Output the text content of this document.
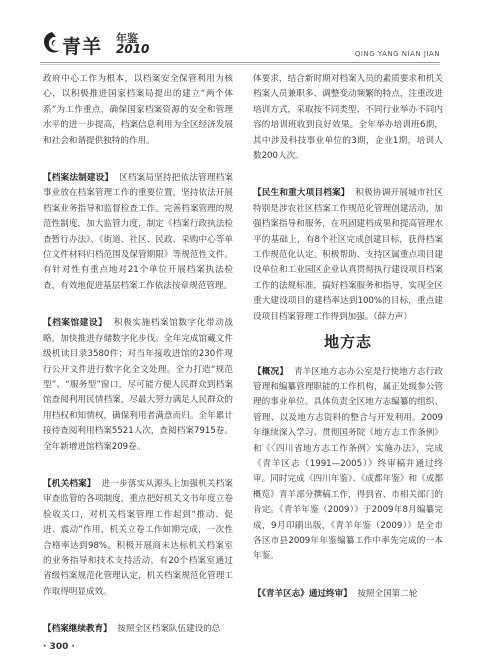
青羊 年鉴
2010	QING YANG NIAN JIAN

政府中心工作为根本，以档案安全保管利用为核心，以积极推进国家档案局提出的建立“两个体系”为工作重点，确保国家档案资源的安全和管理水平的进一步提高，档案信息利用为全区经济发展和社会和谐提供独特的作用。

【档案法制建设】 区档案局坚持把依法管理档案事业放在档案管理工作的重要位置，坚持依法开展档案业务指导和监督检查工作。完善档案管理的规范性制度，加大监管力度，制定《档案行政执法检查暂行办法》、《街道、社区、民政、采购中心等单位文件材料归档范围及保管期限》等规范性文件。有针对性有重点地对21个单位开展档案执法检查，有效地促进基层档案工作依法按章规范管理。

【档案馆建设】 积极实施档案馆数字化带动战略，加快推进存储数字化步伐。全年完成馆藏文件级机读目录3580件；对当年接收进馆的230件现行公开文件进行数字化全文处理。全力打造“规范型”、“服务型”窗口，尽可能方便人民群众到档案馆查阅利用民情档案，尽最大努力满足人民群众的用档权和知情权，确保利用者满意而归。全年累计接待查阅利用档案5521人次，查阅档案7915卷。全年新增进馆档案209卷。

【机关档案】 进一步落实从源头上加强机关档案审查监管的各项制度，重点把好机关文书年度立卷验收关口，对机关档案管理工作起到“推动、促进、震动”作用，机关立卷工作如期完成，一次性合格率达到98%。积极开展商未达标机关档案室的业务指导和技术支持活动，有20个档案室通过省级档案规范化管理认定，机关档案规范化管理工作取得明显成效。

【档案继续教育】 按照全区档案队伍建设的总

体要求，结合新时期对档案人员的素质要求和机关档案人员兼职多、调整变动频繁的特点，注重改进培训方式，采取按不同类型、不同行业举办不同内容的培训班收到良好效果。全年举办培训班6期，其中涉及科技事业单位的3期，企业1期，培训人数200人次。

【民生和重大项目档案】 积极协调开展城市社区特别是涉农社区档案工作规范化管理创建活动，加强档案指导和服务，在巩固建档成果和提高管理水平的基础上，有8个社区完成创建目标，获得档案工作规范化认定。积极帮助、支持区属重点项目建设单位和工业园区企业认真贯彻执行建设项目档案工作的法规标准，搞好档案服务和指导，实现全区重大建设项目的建档率达到100%的目标，重点建设项目档案管理工作得到加强。（薛力声）

地方志

【概况】 青羊区地方志办公室是行使地方志行政管理和编纂管理职能的工作机构，属正处级参公管理的事业单位。具体负责全区地方志编纂的组织、管理、以及地方志资料的整合与开发利用。2009年继续深入学习、贯彻国务院《地方志工作条例》和《〈四川省地方志工作条例〉实施办法》，完成《青羊区志（1991—2005）》终审稿并通过终审。同时完成《四川年鉴》、《成都年鉴》和《成都概览》青羊部分撰稿工作，得到省、市相关部门的肯定。《青羊年鉴（2009）》于2009年8月编纂完成，9月印刷出版，《青羊年鉴（2009）》是全市各区市县2009年年鉴编纂工作中率先完成的一本年鉴。

【《青羊区志》通过终审】 按照全国第二轮

· 300 ·
